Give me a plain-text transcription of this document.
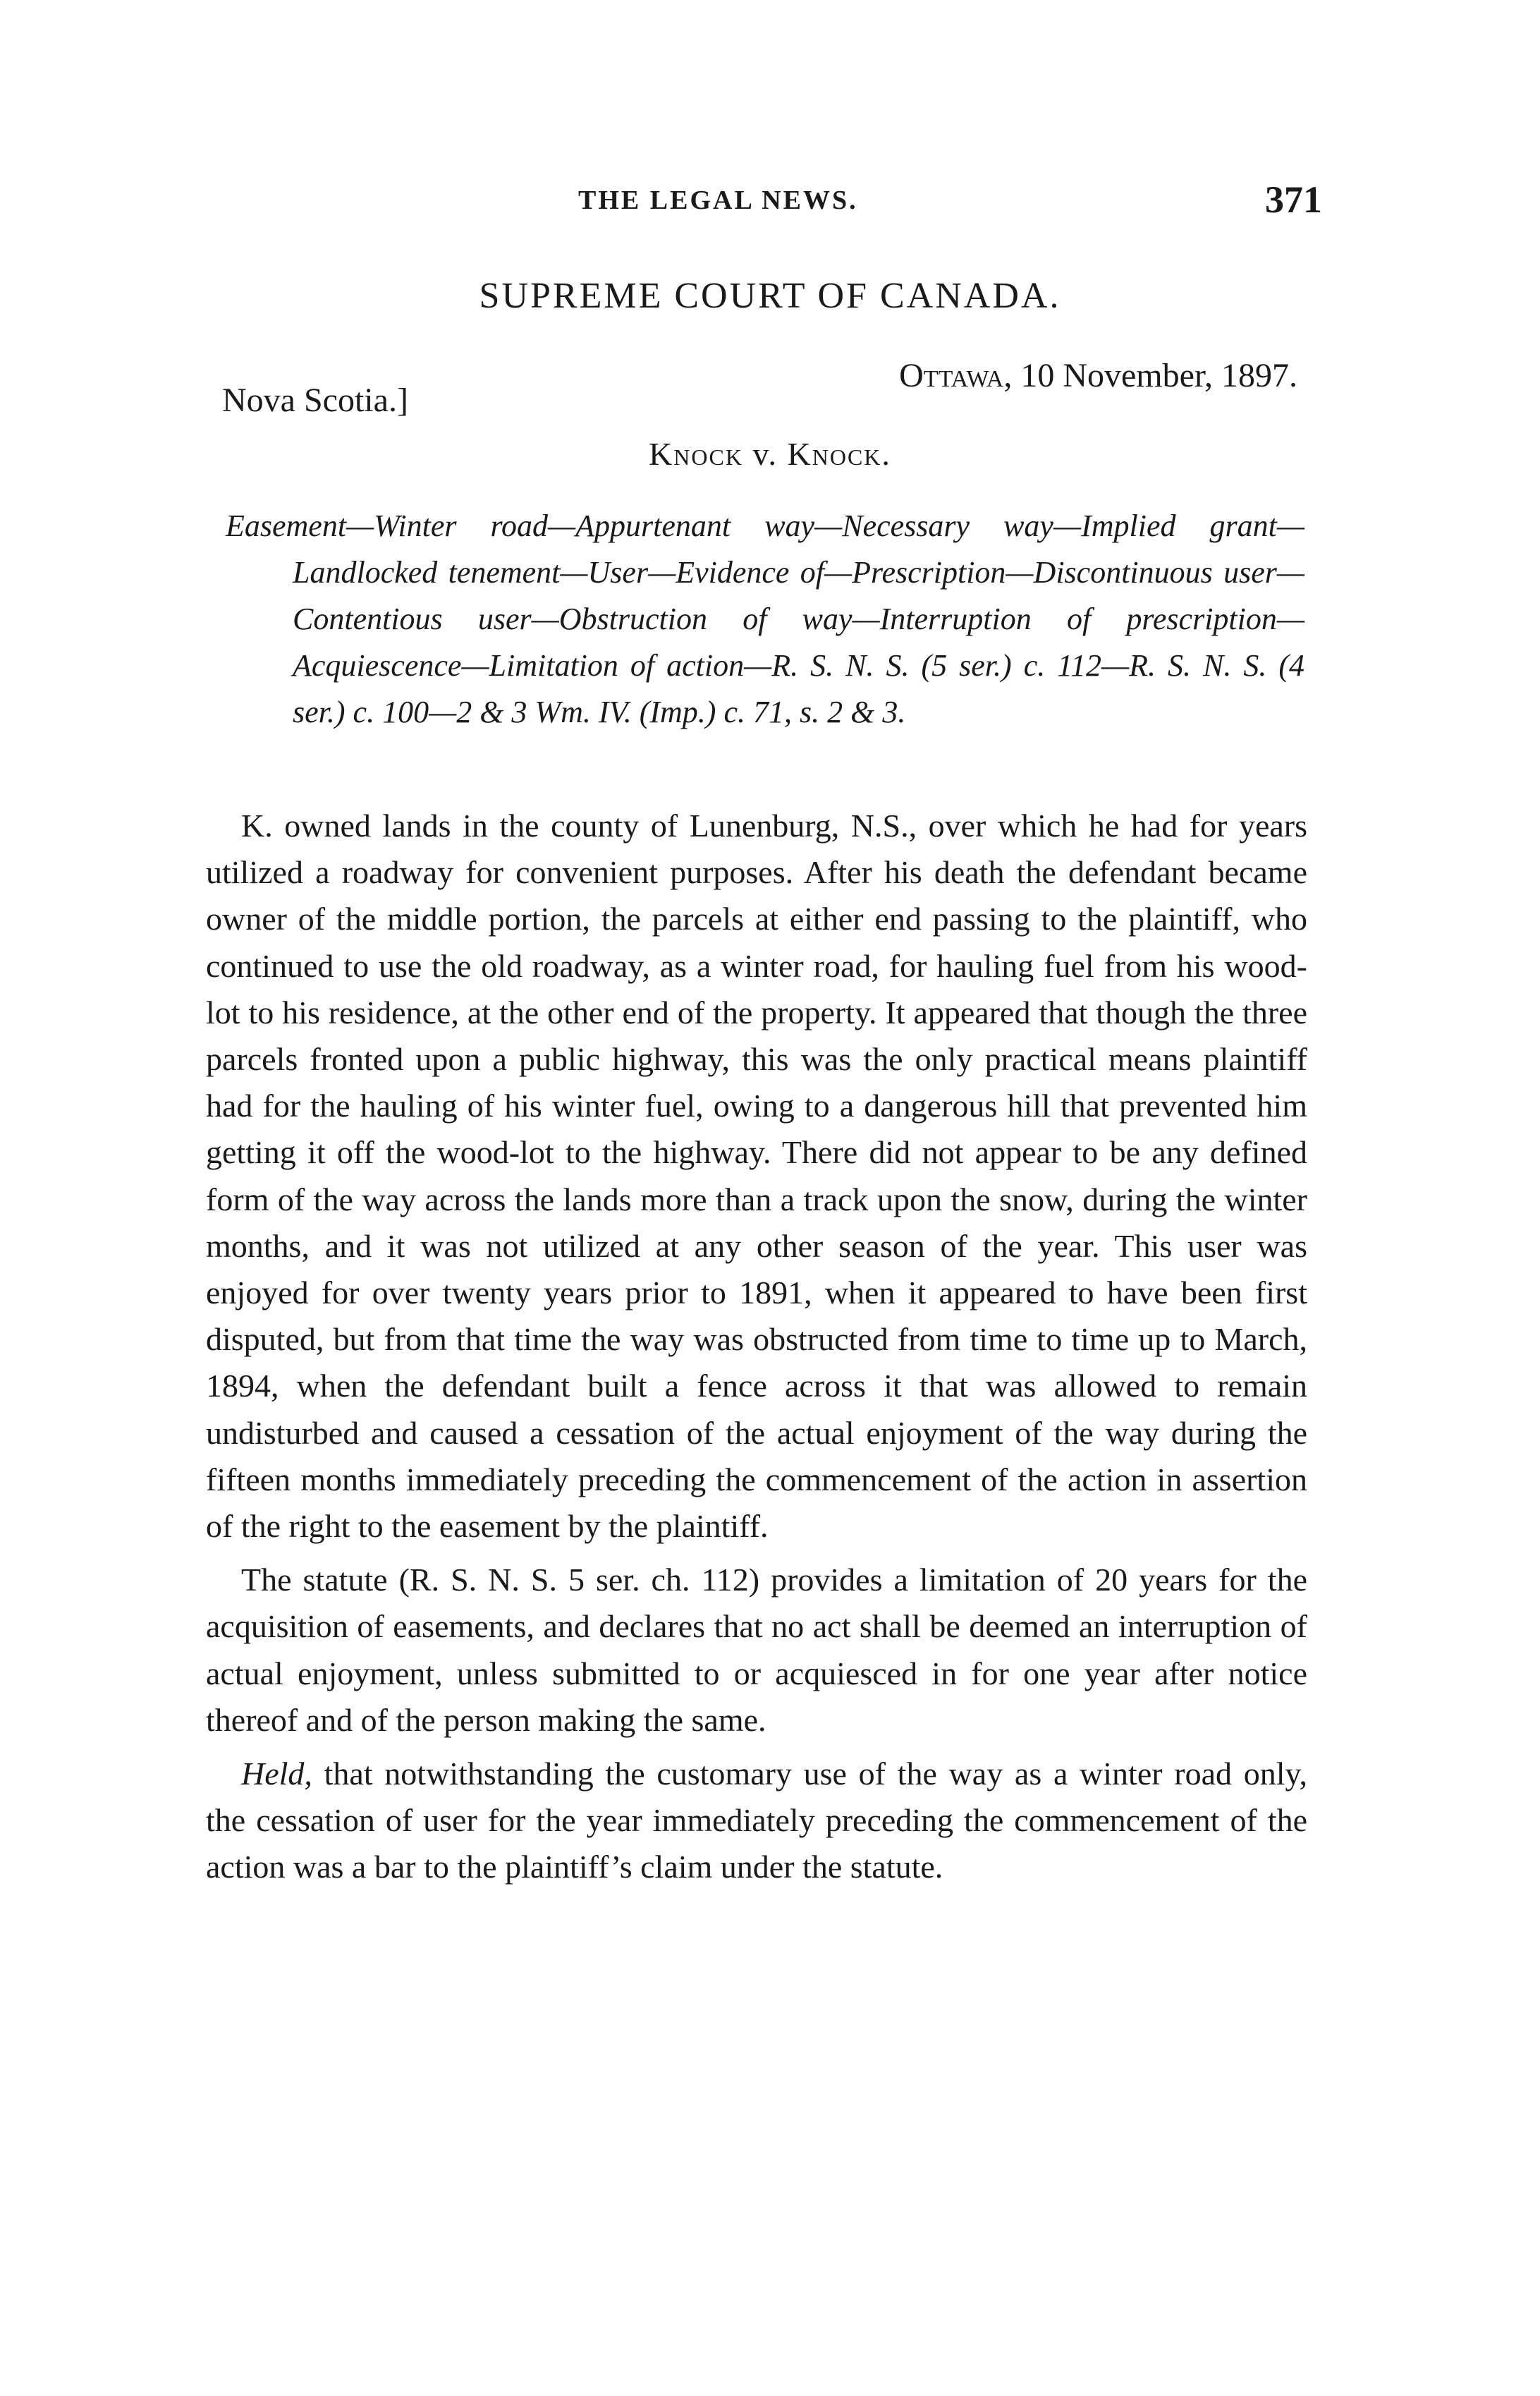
THE LEGAL NEWS.	371
SUPREME COURT OF CANADA.
Ottawa, 10 November, 1897.
Nova Scotia.]
Knock v. Knock.
Easement—Winter road—Appurtenant way—Necessary way—Implied grant—Landlocked tenement—User—Evidence of—Prescription—Discontinuous user—Contentious user—Obstruction of way—Interruption of prescription—Acquiescence—Limitation of action—R. S. N. S. (5 ser.) c. 112—R. S. N. S. (4 ser.) c. 100—2 & 3 Wm. IV. (Imp.) c. 71, s. 2 & 3.

K. owned lands in the county of Lunenburg, N.S., over which he had for years utilized a roadway for convenient purposes. After his death the defendant became owner of the middle portion, the parcels at either end passing to the plaintiff, who continued to use the old roadway, as a winter road, for hauling fuel from his wood-lot to his residence, at the other end of the property. It appeared that though the three parcels fronted upon a public highway, this was the only practical means plaintiff had for the hauling of his winter fuel, owing to a dangerous hill that prevented him getting it off the wood-lot to the highway. There did not appear to be any defined form of the way across the lands more than a track upon the snow, during the winter months, and it was not utilized at any other season of the year. This user was enjoyed for over twenty years prior to 1891, when it appeared to have been first disputed, but from that time the way was obstructed from time to time up to March, 1894, when the defendant built a fence across it that was allowed to remain undisturbed and caused a cessation of the actual enjoyment of the way during the fifteen months immediately preceding the commencement of the action in assertion of the right to the easement by the plaintiff.

The statute (R. S. N. S. 5 ser. ch. 112) provides a limitation of 20 years for the acquisition of easements, and declares that no act shall be deemed an interruption of actual enjoyment, unless submitted to or acquiesced in for one year after notice thereof and of the person making the same.

Held, that notwithstanding the customary use of the way as a winter road only, the cessation of user for the year immediately preceding the commencement of the action was a bar to the plaintiff’s claim under the statute.
